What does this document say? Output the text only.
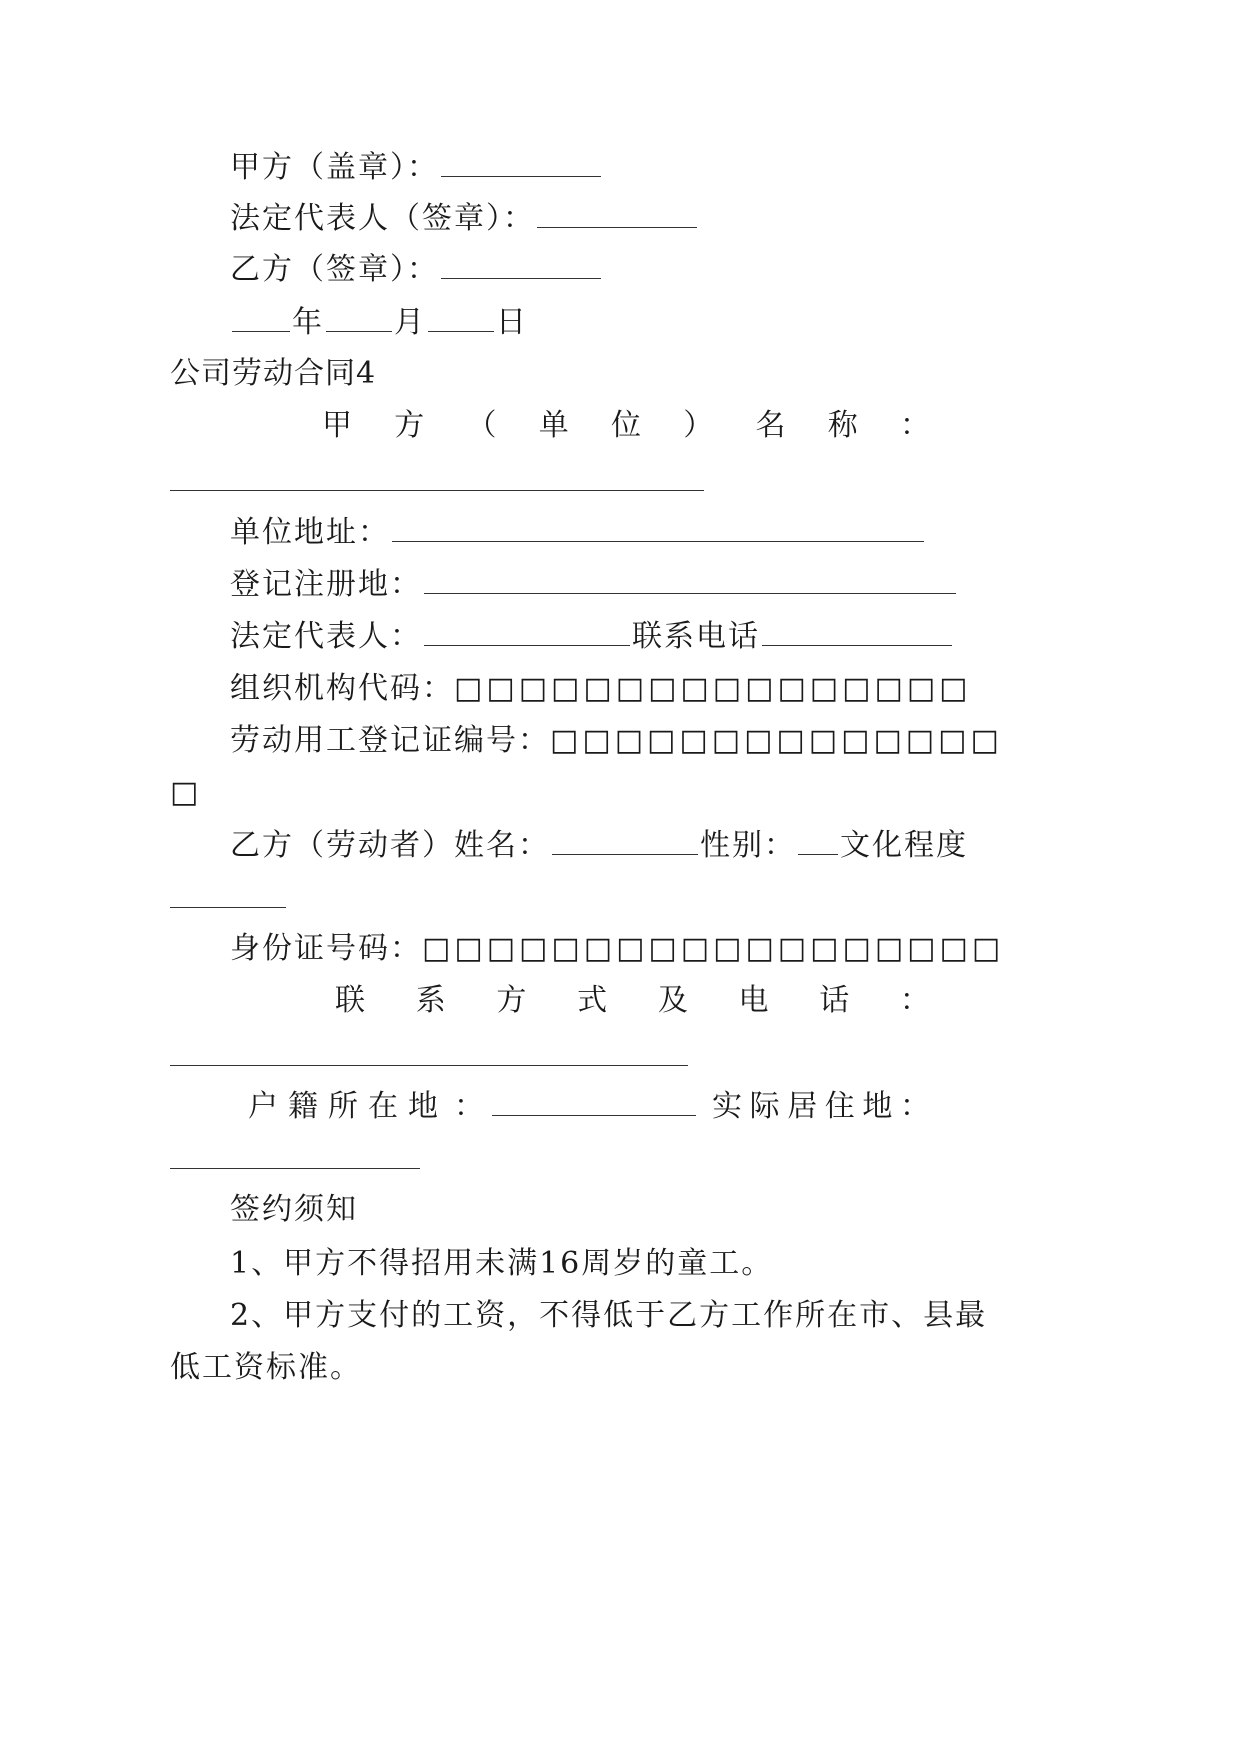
甲方（盖章）：
法定代表人（签章）：
乙方（签章）：
年 月 日
公司劳动合同4
甲 方 （ 单 位 ） 名 称 ：
单位地址：
登记注册地：
法定代表人：	联系电话
组织机构代码：□□□□□□□□□□□□□□□□
劳动用工登记证编号：□□□□□□□□□□□□□□
□
乙方（劳动者）姓名：	性别： 文化程度
身份证号码：□□□□□□□□□□□□□□□□□□
联 系 方 式 及 电 话 ：
户 籍 所 在 地 ：	实 际 居 住 地 ：
签约须知
1、甲方不得招用未满16周岁的童工。
2、甲方支付的工资，不得低于乙方工作所在市、县最
低工资标准。
